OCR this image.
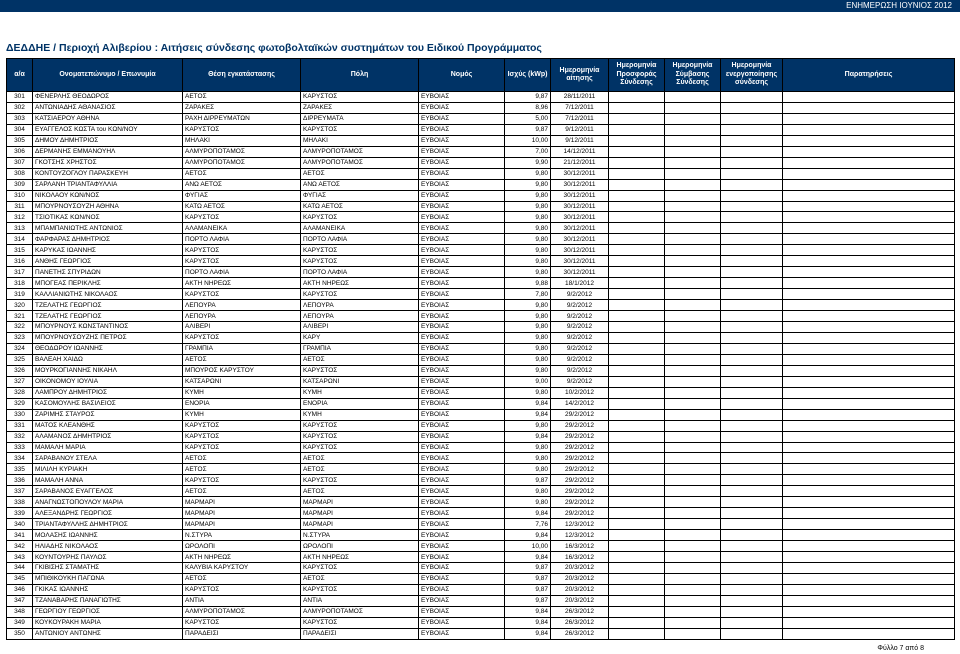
ΕΝΗΜΕΡΩΣΗ ΙΟΥΝΙΟΣ 2012
ΔΕΔΔΗΕ / Περιοχή Αλιβερίου : Αιτήσεις σύνδεσης φωτοβολταϊκών συστημάτων του Ειδικού Προγράμματος
α/α	Ονοματεπώνυμο / Επωνυμία	Θέση εγκατάστασης	Πόλη	Νομός	Ισχύς (kWp)	Ημερομηνία αίτησης	Ημερομηνία Προσφοράς Σύνδεσης	Ημερομηνία Σύμβασης Σύνδεσης	Ημερομηνία ενεργοποίησης σύνδεσης	Παρατηρήσεις
301	ΦΕΝΕΡΛΗΣ ΘΕΟΔΩΡΟΣ	ΑΕΤΟΣ	ΚΑΡΥΣΤΟΣ	ΕΥΒΟΙΑΣ	9,87	28/11/2011				
302	ΑΝΤΩΝΙΑΔΗΣ ΑΘΑΝΑΣΙΟΣ	ΖΑΡΑΚΕΣ	ΖΑΡΑΚΕΣ	ΕΥΒΟΙΑΣ	8,96	7/12/2011				
303	ΚΑΤΣΙΑΕΡΟΥ ΑΘΗΝΑ	ΡΑΧΗ ΔΙΡΡΕΥΜΑΤΩΝ	ΔΙΡΡΕΥΜΑΤΑ	ΕΥΒΟΙΑΣ	5,00	7/12/2011				
304	ΕΥΑΓΓΕΛΟΣ ΚΩΣΤΑ του ΚΩΝ/ΝΟΥ	ΚΑΡΥΣΤΟΣ	ΚΑΡΥΣΤΟΣ	ΕΥΒΟΙΑΣ	9,87	9/12/2011				
305	ΔΗΜΟΥ ΔΗΜΗΤΡΙΟΣ	ΜΗΛΑΚΙ	ΜΗΛΑΚΙ	ΕΥΒΟΙΑΣ	10,00	9/12/2011				
306	ΔΕΡΜΑΝΗΣ ΕΜΜΑΝΟΥΗΛ	ΑΛΜΥΡΟΠΟΤΑΜΟΣ	ΑΛΜΥΡΟΠΟΤΑΜΟΣ	ΕΥΒΟΙΑΣ	7,00	14/12/2011				
307	ΓΚΟΤΣΗΣ ΧΡΗΣΤΟΣ	ΑΛΜΥΡΟΠΟΤΑΜΟΣ	ΑΛΜΥΡΟΠΟΤΑΜΟΣ	ΕΥΒΟΙΑΣ	9,90	21/12/2011				
308	ΚΟΝΤΟΥΖΟΓΛΟΥ ΠΑΡΑΣΚΕΥΗ	ΑΕΤΟΣ	ΑΕΤΟΣ	ΕΥΒΟΙΑΣ	9,80	30/12/2011				
309	ΣΑΡΛΑΝΗ ΤΡΙΑΝΤΑΦΥΛΛΙΑ	ΑΝΩ ΑΕΤΟΣ	ΑΝΩ ΑΕΤΟΣ	ΕΥΒΟΙΑΣ	9,80	30/12/2011				
310	ΝΙΚΟΛΑΟΥ ΚΩΝ/ΝΟΣ	ΦΥΓΙΑΣ	ΦΥΓΙΑΣ	ΕΥΒΟΙΑΣ	9,80	30/12/2011				
311	ΜΠΟΥΡΝΟΥΣΟΥΖΗ ΑΘΗΝΑ	ΚΑΤΩ ΑΕΤΟΣ	ΚΑΤΩ ΑΕΤΟΣ	ΕΥΒΟΙΑΣ	9,80	30/12/2011				
312	ΤΣΙΟΤΙΚΑΣ ΚΩΝ/ΝΟΣ	ΚΑΡΥΣΤΟΣ	ΚΑΡΥΣΤΟΣ	ΕΥΒΟΙΑΣ	9,80	30/12/2011				
313	ΜΠΑΜΠΑΝΙΩΤΗΣ ΑΝΤΩΝΙΟΣ	ΑΛΑΜΑΝΕΙΚΑ	ΑΛΑΜΑΝΕΙΚΑ	ΕΥΒΟΙΑΣ	9,80	30/12/2011				
314	ΦΑΡΦΑΡΑΣ ΔΗΜΗΤΡΙΟΣ	ΠΟΡΤΟ ΛΑΦΙΑ	ΠΟΡΤΟ ΛΑΦΙΑ	ΕΥΒΟΙΑΣ	9,80	30/12/2011				
315	ΚΑΡΥΚΑΣ ΙΩΑΝΝΗΣ	ΚΑΡΥΣΤΟΣ	ΚΑΡΥΣΤΟΣ	ΕΥΒΟΙΑΣ	9,80	30/12/2011				
316	ΑΝΘΗΣ ΓΕΩΡΓΙΟΣ	ΚΑΡΥΣΤΟΣ	ΚΑΡΥΣΤΟΣ	ΕΥΒΟΙΑΣ	9,80	30/12/2011				
317	ΠΑΝΕΤΗΣ ΣΠΥΡΙΔΩΝ	ΠΟΡΤΟ ΛΑΦΙΑ	ΠΟΡΤΟ ΛΑΦΙΑ	ΕΥΒΟΙΑΣ	9,80	30/12/2011				
318	ΜΠΟΓΕΑΣ ΠΕΡΙΚΛΗΣ	ΑΚΤΗ ΝΗΡΕΩΣ	ΑΚΤΗ ΝΗΡΕΩΣ	ΕΥΒΟΙΑΣ	9,88	18/1/2012				
319	ΚΑΛΛΙΑΝΙΩΤΗΣ ΝΙΚΟΛΑΟΣ	ΚΑΡΥΣΤΟΣ	ΚΑΡΥΣΤΟΣ	ΕΥΒΟΙΑΣ	7,80	9/2/2012				
320	ΤΖΕΛΑΤΗΣ ΓΕΩΡΓΙΟΣ	ΛΕΠΟΥΡΑ	ΛΕΠΟΥΡΑ	ΕΥΒΟΙΑΣ	9,80	9/2/2012				
321	ΤΖΕΛΑΤΗΣ ΓΕΩΡΓΙΟΣ	ΛΕΠΟΥΡΑ	ΛΕΠΟΥΡΑ	ΕΥΒΟΙΑΣ	9,80	9/2/2012				
322	ΜΠΟΥΡΝΟΥΣ ΚΩΝΣΤΑΝΤΙΝΟΣ	ΑΛΙΒΕΡΙ	ΑΛΙΒΕΡΙ	ΕΥΒΟΙΑΣ	9,80	9/2/2012				
323	ΜΠΟΥΡΝΟΥΣΟΥΖΗΣ ΠΕΤΡΟΣ	ΚΑΡΥΣΤΟΣ	ΚΑΡΥ	ΕΥΒΟΙΑΣ	9,80	9/2/2012				
324	ΘΕΟΔΩΡΟΥ ΙΩΑΝΝΗΣ	ΓΡΑΜΠΙΑ	ΓΡΑΜΠΙΑ	ΕΥΒΟΙΑΣ	9,80	9/2/2012				
325	ΒΑΛΕΑΗ ΧΑΙΔΩ	ΑΕΤΟΣ	ΑΕΤΟΣ	ΕΥΒΟΙΑΣ	9,80	9/2/2012				
326	ΜΟΥΡΚΟΓΙΑΝΝΗΣ ΝΙΚΑΗΛ	ΜΠΟΥΡΟΣ ΚΑΡΥΣΤΟΥ	ΚΑΡΥΣΤΟΣ	ΕΥΒΟΙΑΣ	9,80	9/2/2012				
327	ΟΙΚΟΝΟΜΟΥ ΙΟΥΛΙΑ	ΚΑΤΣΑΡΩΝΙ	ΚΑΤΣΑΡΩΝΙ	ΕΥΒΟΙΑΣ	9,00	9/2/2012				
328	ΛΑΜΠΡΟΥ ΔΗΜΗΤΡΙΟΣ	ΚΥΜΗ	ΚΥΜΗ	ΕΥΒΟΙΑΣ	9,80	10/2/2012				
329	ΚΑΣΟΜΟΥΛΗΣ ΒΑΣΙΛΕΙΟΣ	ΕΝΟΡΙΑ	ΕΝΟΡΙΑ	ΕΥΒΟΙΑΣ	9,84	14/2/2012				
330	ΖΑΡΙΜΗΣ ΣΤΑΥΡΟΣ	ΚΥΜΗ	ΚΥΜΗ	ΕΥΒΟΙΑΣ	9,84	29/2/2012				
331	ΜΑΤΟΣ ΚΛΕΑΝΘΗΣ	ΚΑΡΥΣΤΟΣ	ΚΑΡΥΣΤΟΣ	ΕΥΒΟΙΑΣ	9,80	29/2/2012				
332	ΑΛΑΜΑΝΟΣ ΔΗΜΗΤΡΙΟΣ	ΚΑΡΥΣΤΟΣ	ΚΑΡΥΣΤΟΣ	ΕΥΒΟΙΑΣ	9,84	29/2/2012				
333	ΜΑΜΑΛΗ ΜΑΡΙΑ	ΚΑΡΥΣΤΟΣ	ΚΑΡΥΣΤΟΣ	ΕΥΒΟΙΑΣ	9,80	29/2/2012				
334	ΣΑΡΑΒΑΝΟΥ ΣΤΕΛΑ	ΑΕΤΟΣ	ΑΕΤΟΣ	ΕΥΒΟΙΑΣ	9,80	29/2/2012				
335	ΜΙΛΙΛΗ ΚΥΡΙΑΚΗ	ΑΕΤΟΣ	ΑΕΤΟΣ	ΕΥΒΟΙΑΣ	9,80	29/2/2012				
336	ΜΑΜΑΛΗ ΑΝΝΑ	ΚΑΡΥΣΤΟΣ	ΚΑΡΥΣΤΟΣ	ΕΥΒΟΙΑΣ	9,87	29/2/2012				
337	ΣΑΡΑΒΑΝΟΣ ΕΥΑΓΓΕΛΟΣ	ΑΕΤΟΣ	ΑΕΤΟΣ	ΕΥΒΟΙΑΣ	9,80	29/2/2012				
338	ΑΝΑΓΝΩΣΤΟΠΟΥΛΟΥ ΜΑΡΙΑ	ΜΑΡΜΑΡΙ	ΜΑΡΜΑΡΙ	ΕΥΒΟΙΑΣ	9,80	29/2/2012				
339	ΑΛΕΞΑΝΔΡΗΣ ΓΕΩΡΓΙΟΣ	ΜΑΡΜΑΡΙ	ΜΑΡΜΑΡΙ	ΕΥΒΟΙΑΣ	9,84	29/2/2012				
340	ΤΡΙΑΝΤΑΦΥΛΛΗΣ ΔΗΜΗΤΡΙΟΣ	ΜΑΡΜΑΡΙ	ΜΑΡΜΑΡΙ	ΕΥΒΟΙΑΣ	7,76	12/3/2012				
341	ΜΟΛΑΣΗΣ ΙΩΑΝΝΗΣ	Ν.ΣΤΥΡΑ	Ν.ΣΤΥΡΑ	ΕΥΒΟΙΑΣ	9,84	12/3/2012				
342	ΗΛΙΑΔΗΣ ΝΙΚΟΛΑΟΣ	ΩΡΟΛΟΠΙ	ΩΡΟΛΟΠΙ	ΕΥΒΟΙΑΣ	10,00	16/3/2012				
343	ΚΟΥΝΤΟΥΡΗΣ ΠΑΥΛΟΣ	ΑΚΤΗ ΝΗΡΕΩΣ	ΑΚΤΗ ΝΗΡΕΩΣ	ΕΥΒΟΙΑΣ	9,84	16/3/2012				
344	ΓΚΙΒΙΣΗΣ ΣΤΑΜΑΤΗΣ	ΚΑΛΥΒΙΑ ΚΑΡΥΣΤΟΥ	ΚΑΡΥΣΤΟΣ	ΕΥΒΟΙΑΣ	9,87	20/3/2012				
345	ΜΠΙΘΙΚΟΥΚΗ ΠΑΓΩΝΑ	ΑΕΤΟΣ	ΑΕΤΟΣ	ΕΥΒΟΙΑΣ	9,87	20/3/2012				
346	ΓΚΙΚΑΣ ΙΩΑΝΝΗΣ	ΚΑΡΥΣΤΟΣ	ΚΑΡΥΣΤΟΣ	ΕΥΒΟΙΑΣ	9,87	20/3/2012				
347	ΤΖΑΝΑΒΑΡΗΣ ΠΑΝΑΓΙΩΤΗΣ	ΑΝΤΙΑ	ΑΝΤΙΑ	ΕΥΒΟΙΑΣ	9,87	20/3/2012				
348	ΓΕΩΡΓΙΟΥ ΓΕΩΡΓΙΟΣ	ΑΛΜΥΡΟΠΟΤΑΜΟΣ	ΑΛΜΥΡΟΠΟΤΑΜΟΣ	ΕΥΒΟΙΑΣ	9,84	26/3/2012				
349	ΚΟΥΚΟΥΡΑΚΗ ΜΑΡΙΑ	ΚΑΡΥΣΤΟΣ	ΚΑΡΥΣΤΟΣ	ΕΥΒΟΙΑΣ	9,84	26/3/2012				
350	ΑΝΤΩΝΙΟΥ ΑΝΤΩΝΗΣ	ΠΑΡΑΔΕΙΣΙ	ΠΑΡΑΔΕΙΣΙ	ΕΥΒΟΙΑΣ	9,84	26/3/2012				
Φύλλο 7 από 8
